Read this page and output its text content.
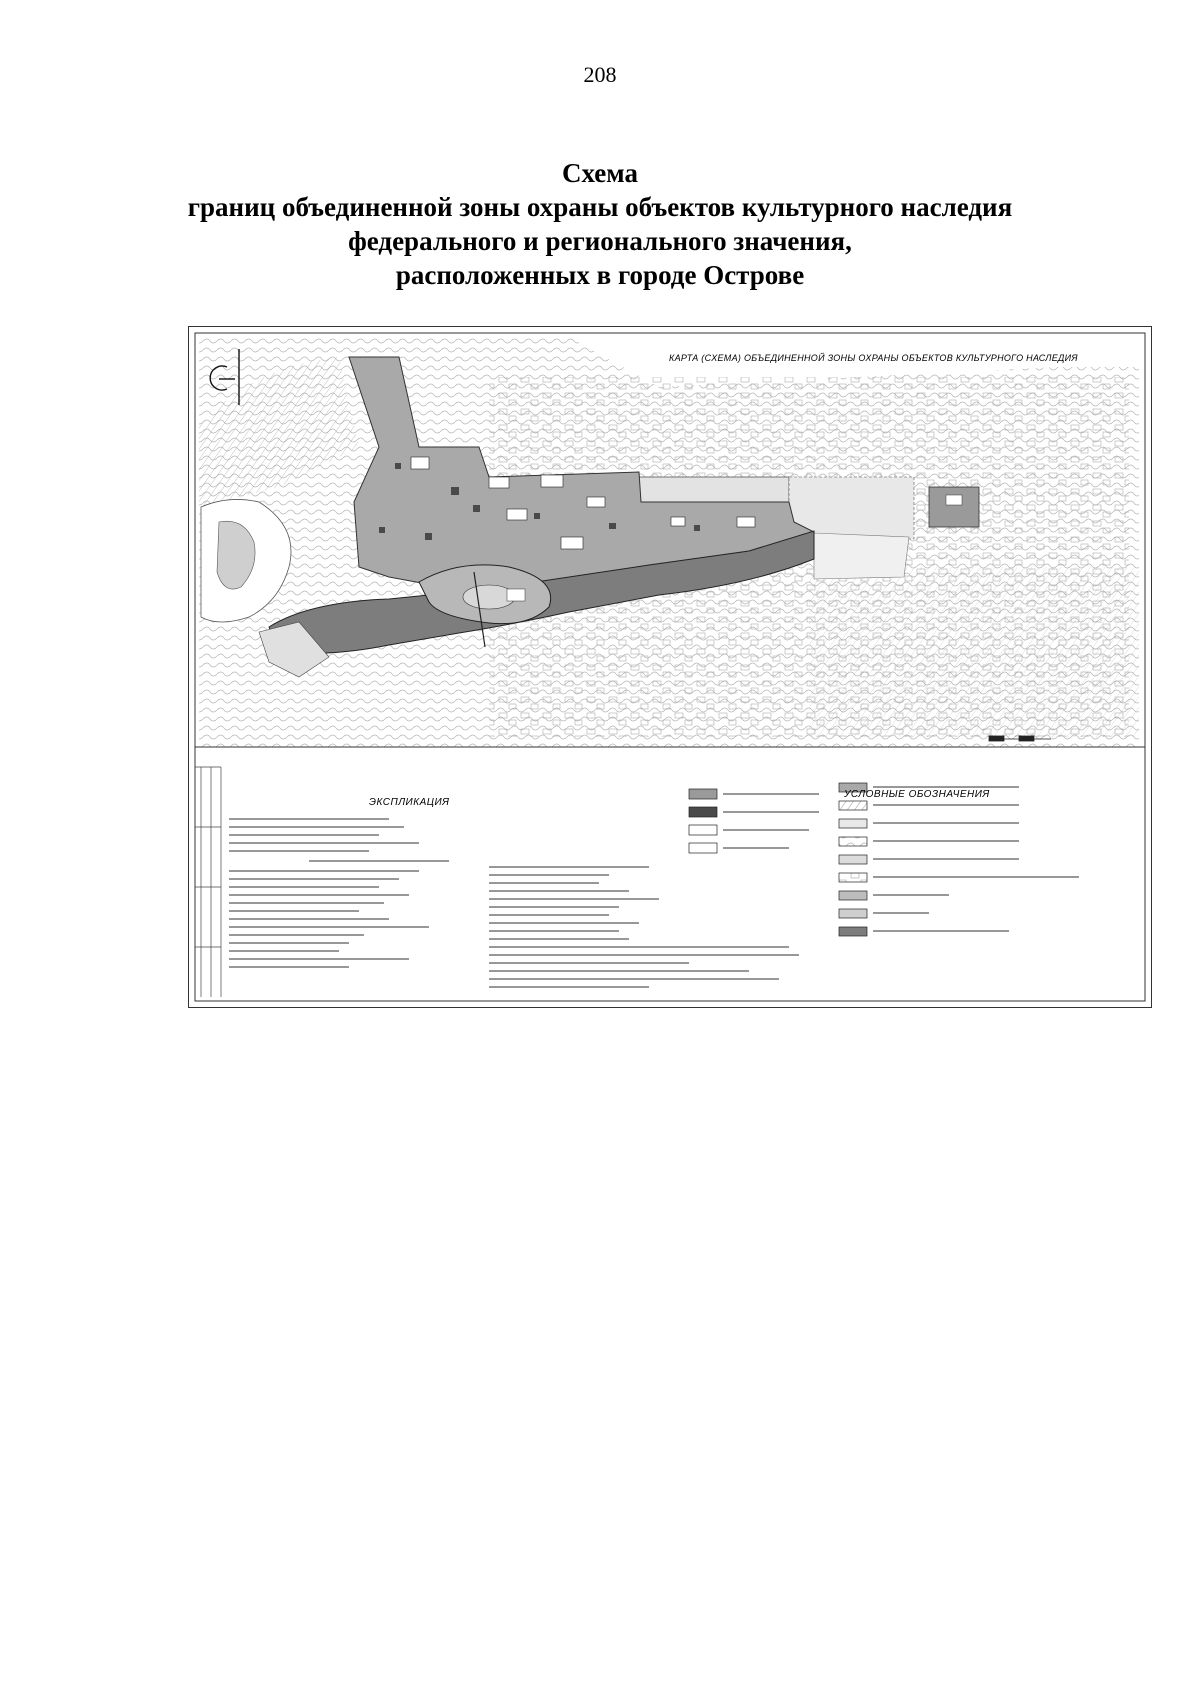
208
Схема
границ объединенной зоны охраны объектов культурного наследия
федерального и регионального значения,
расположенных в городе Острове
КАРТА (СХЕМА) ОБЪЕДИНЕННОЙ ЗОНЫ ОХРАНЫ ОБЪЕКТОВ КУЛЬТУРНОГО НАСЛЕДИЯ
ЭКСПЛИКАЦИЯ
УСЛОВНЫЕ ОБОЗНАЧЕНИЯ
